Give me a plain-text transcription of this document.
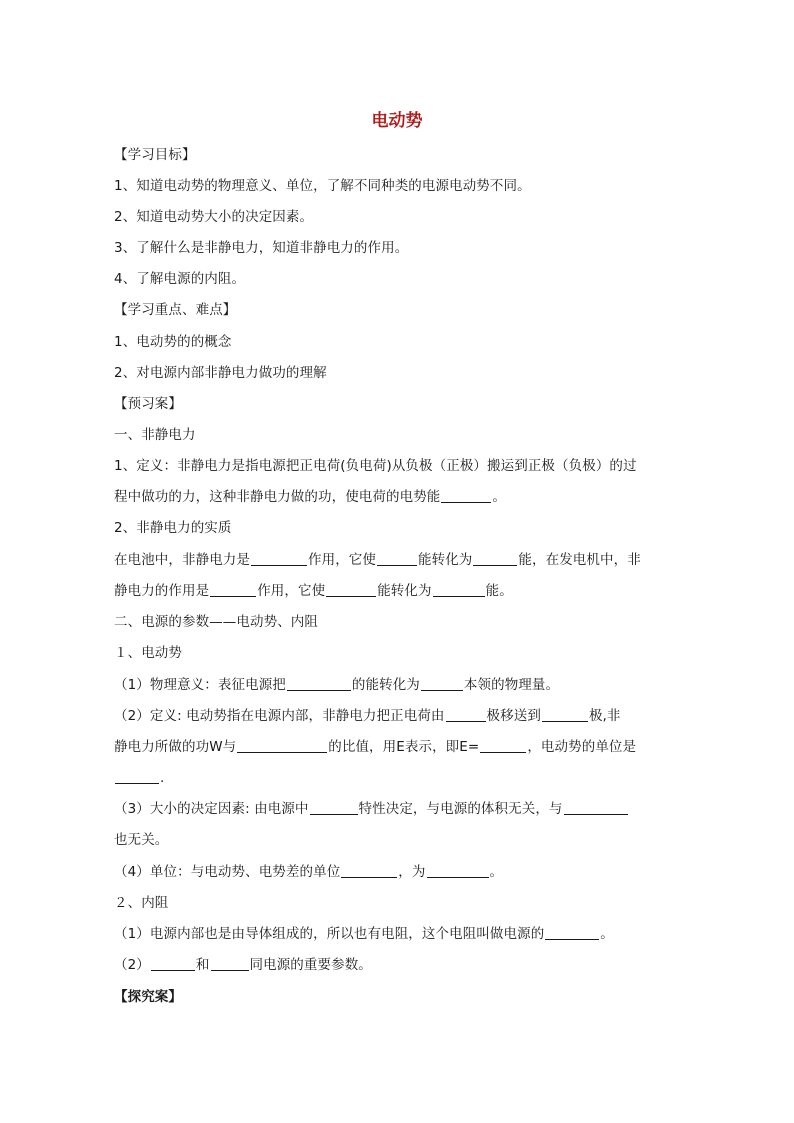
电动势
【学习目标】
1、知道电动势的物理意义、单位，了解不同种类的电源电动势不同。
2、知道电动势大小的决定因素。
3、了解什么是非静电力，知道非静电力的作用。
4、了解电源的内阻。
【学习重点、难点】
1、电动势的的概念
2、对电源内部非静电力做功的理解
【预习案】
一、非静电力
1、定义：非静电力是指电源把正电荷(负电荷)从负极（正极）搬运到正极（负极）的过
程中做功的力，这种非静电力做的功，使电荷的电势能	。
2、非静电力的实质
在电池中，非静电力是	作用，它使	能转化为	能，在发电机中，非
静电力的作用是	作用，它使	能转化为	能。
二、电源的参数——电动势、内阻
１、电动势
（1）物理意义：表征电源把	的能转化为	本领的物理量。
（2）定义: 电动势指在电源内部，非静电力把正电荷由	极移送到	极,非
静电力所做的功W与	的比值，用E表示，即E=	，电动势的单位是
.
（3）大小的决定因素: 由电源中	特性决定，与电源的体积无关，与
也无关。
（4）单位：与电动势、电势差的单位	，为	。
２、内阻
（1）电源内部也是由导体组成的，所以也有电阻，这个电阻叫做电源的	。
（2）	和	同电源的重要参数。
【探究案】
